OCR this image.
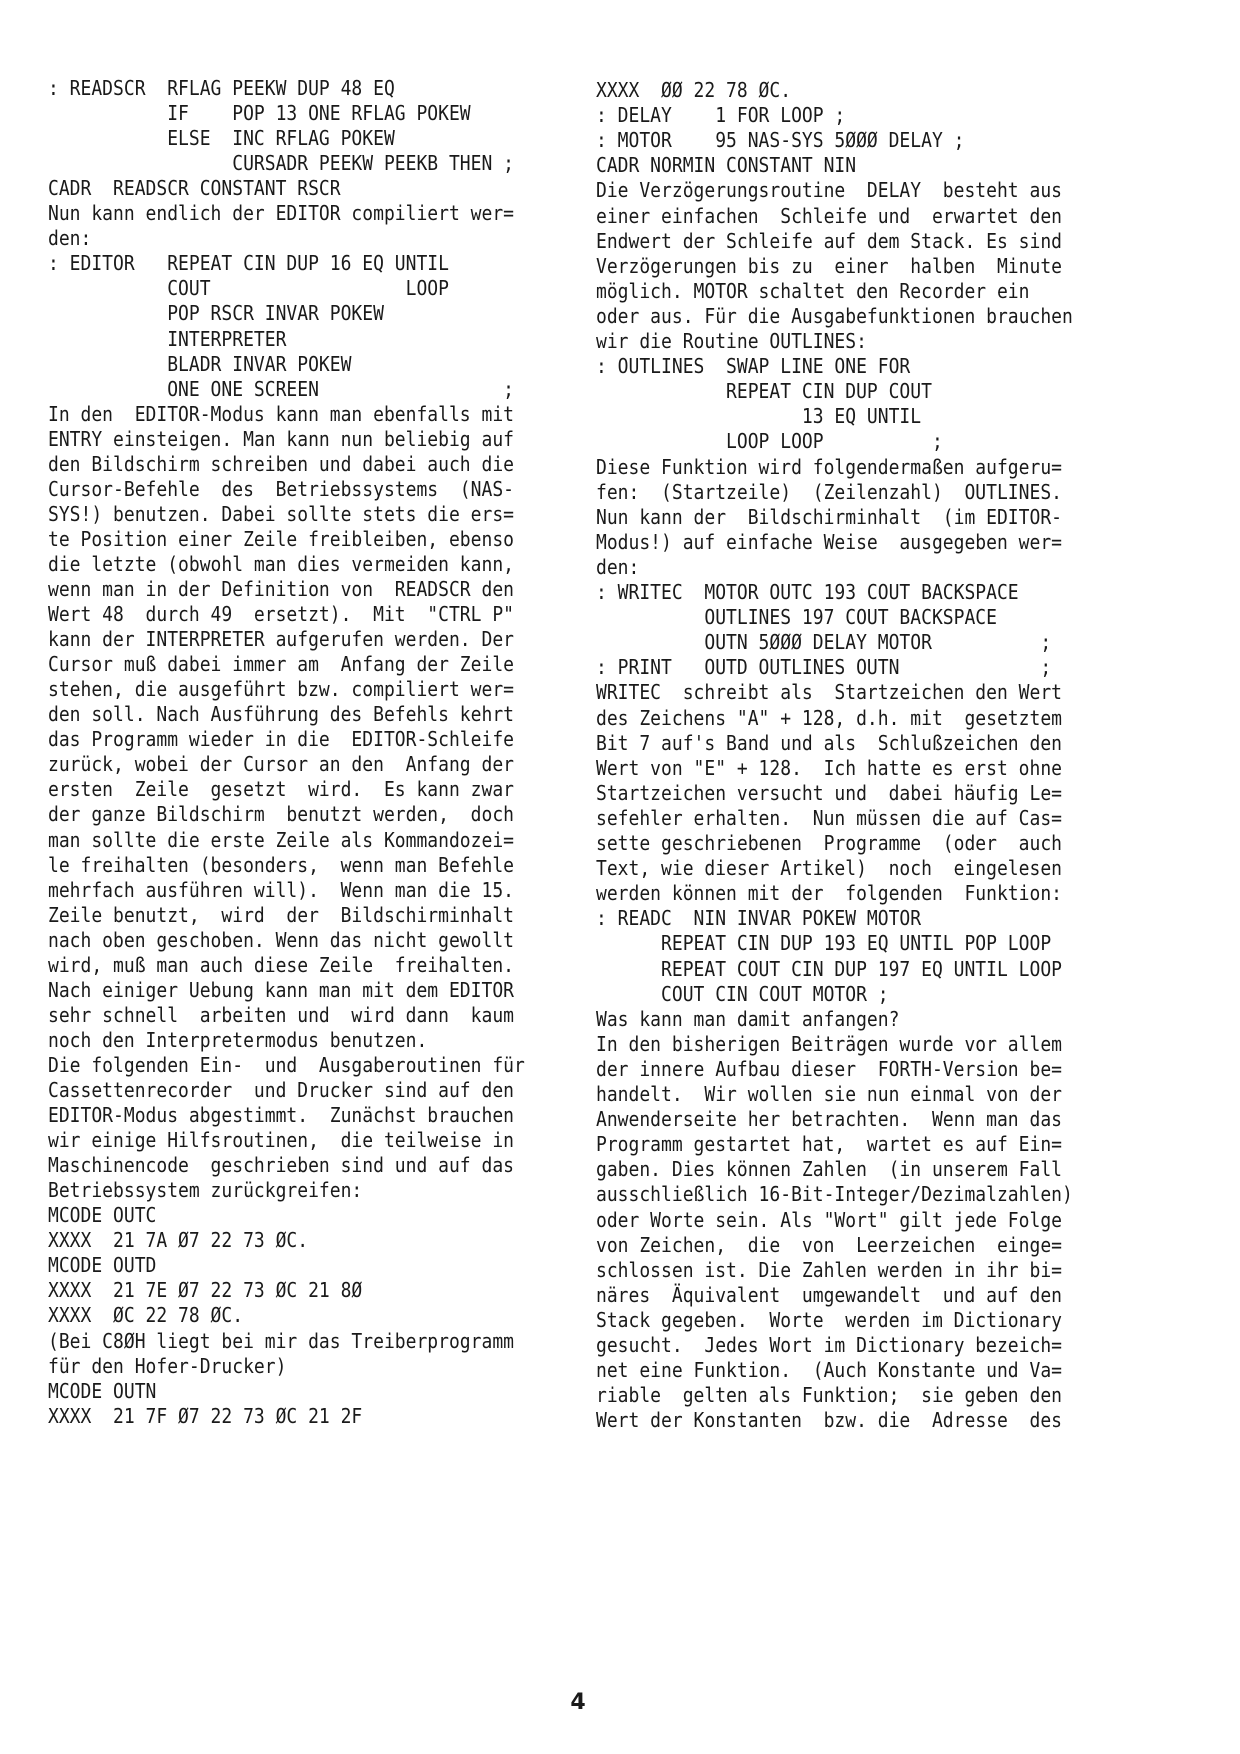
: READSCR  RFLAG PEEKW DUP 48 EQ
IF    POP 13 ONE RFLAG POKEW
ELSE  INC RFLAG POKEW
CURSADR PEEKW PEEKB THEN ;
CADR  READSCR CONSTANT RSCR
Nun kann endlich der EDITOR compiliert wer=
den:
: EDITOR   REPEAT CIN DUP 16 EQ UNTIL
COUT                  LOOP
POP RSCR INVAR POKEW
INTERPRETER
BLADR INVAR POKEW
ONE ONE SCREEN                 ;
In den  EDITOR-Modus kann man ebenfalls mit
ENTRY einsteigen. Man kann nun beliebig auf
den Bildschirm schreiben und dabei auch die
Cursor-Befehle  des  Betriebssystems  (NAS-
SYS!) benutzen. Dabei sollte stets die ers=
te Position einer Zeile freibleiben, ebenso
die letzte (obwohl man dies vermeiden kann,
wenn man in der Definition von  READSCR den
Wert 48  durch 49  ersetzt).  Mit  "CTRL P"
kann der INTERPRETER aufgerufen werden. Der
Cursor muß dabei immer am  Anfang der Zeile
stehen, die ausgeführt bzw. compiliert wer=
den soll. Nach Ausführung des Befehls kehrt
das Programm wieder in die  EDITOR-Schleife
zurück, wobei der Cursor an den  Anfang der
ersten  Zeile  gesetzt  wird.  Es kann zwar
der ganze Bildschirm  benutzt werden,  doch
man sollte die erste Zeile als Kommandozei=
le freihalten (besonders,  wenn man Befehle
mehrfach ausführen will).  Wenn man die 15.
Zeile benutzt,  wird  der  Bildschirminhalt
nach oben geschoben. Wenn das nicht gewollt
wird, muß man auch diese Zeile  freihalten.
Nach einiger Uebung kann man mit dem EDITOR
sehr schnell  arbeiten und  wird dann  kaum
noch den Interpretermodus benutzen.
Die folgenden Ein-  und  Ausgaberoutinen für
Cassettenrecorder  und Drucker sind auf den
EDITOR-Modus abgestimmt.  Zunächst brauchen
wir einige Hilfsroutinen,  die teilweise in
Maschinencode  geschrieben sind und auf das
Betriebssystem zurückgreifen:
MCODE OUTC
XXXX  21 7A Ø7 22 73 ØC.
MCODE OUTD
XXXX  21 7E Ø7 22 73 ØC 21 8Ø
XXXX  ØC 22 78 ØC.
(Bei C8ØH liegt bei mir das Treiberprogramm
für den Hofer-Drucker)
MCODE OUTN
XXXX  21 7F Ø7 22 73 ØC 21 2F
XXXX  ØØ 22 78 ØC.
: DELAY    1 FOR LOOP ;
: MOTOR    95 NAS-SYS 5ØØØ DELAY ;
CADR NORMIN CONSTANT NIN
Die Verzögerungsroutine  DELAY  besteht aus
einer einfachen  Schleife und  erwartet den
Endwert der Schleife auf dem Stack. Es sind
Verzögerungen bis zu  einer  halben  Minute
möglich. MOTOR schaltet den Recorder ein
oder aus. Für die Ausgabefunktionen brauchen
wir die Routine OUTLINES:
: OUTLINES  SWAP LINE ONE FOR
REPEAT CIN DUP COUT
13 EQ UNTIL
LOOP LOOP          ;
Diese Funktion wird folgendermaßen aufgeru=
fen:  (Startzeile)  (Zeilenzahl)  OUTLINES.
Nun kann der  Bildschirminhalt  (im EDITOR-
Modus!) auf einfache Weise  ausgegeben wer=
den:
: WRITEC  MOTOR OUTC 193 COUT BACKSPACE
OUTLINES 197 COUT BACKSPACE
OUTN 5ØØØ DELAY MOTOR          ;
: PRINT   OUTD OUTLINES OUTN             ;
WRITEC  schreibt als  Startzeichen den Wert
des Zeichens "A" + 128, d.h. mit  gesetztem
Bit 7 auf's Band und als  Schlußzeichen den
Wert von "E" + 128.  Ich hatte es erst ohne
Startzeichen versucht und  dabei häufig Le=
sefehler erhalten.  Nun müssen die auf Cas=
sette geschriebenen  Programme  (oder  auch
Text, wie dieser Artikel)  noch  eingelesen
werden können mit der  folgenden  Funktion:
: READC  NIN INVAR POKEW MOTOR
REPEAT CIN DUP 193 EQ UNTIL POP LOOP
REPEAT COUT CIN DUP 197 EQ UNTIL LOOP
COUT CIN COUT MOTOR ;
Was kann man damit anfangen?
In den bisherigen Beiträgen wurde vor allem
der innere Aufbau dieser  FORTH-Version be=
handelt.  Wir wollen sie nun einmal von der
Anwenderseite her betrachten.  Wenn man das
Programm gestartet hat,  wartet es auf Ein=
gaben. Dies können Zahlen  (in unserem Fall
ausschließlich 16-Bit-Integer/Dezimalzahlen)
oder Worte sein. Als "Wort" gilt jede Folge
von Zeichen,  die  von  Leerzeichen  einge=
schlossen ist. Die Zahlen werden in ihr bi=
näres  Äquivalent  umgewandelt  und auf den
Stack gegeben.  Worte  werden im Dictionary
gesucht.  Jedes Wort im Dictionary bezeich=
net eine Funktion.  (Auch Konstante und Va=
riable  gelten als Funktion;  sie geben den
Wert der Konstanten  bzw. die  Adresse  des
4
